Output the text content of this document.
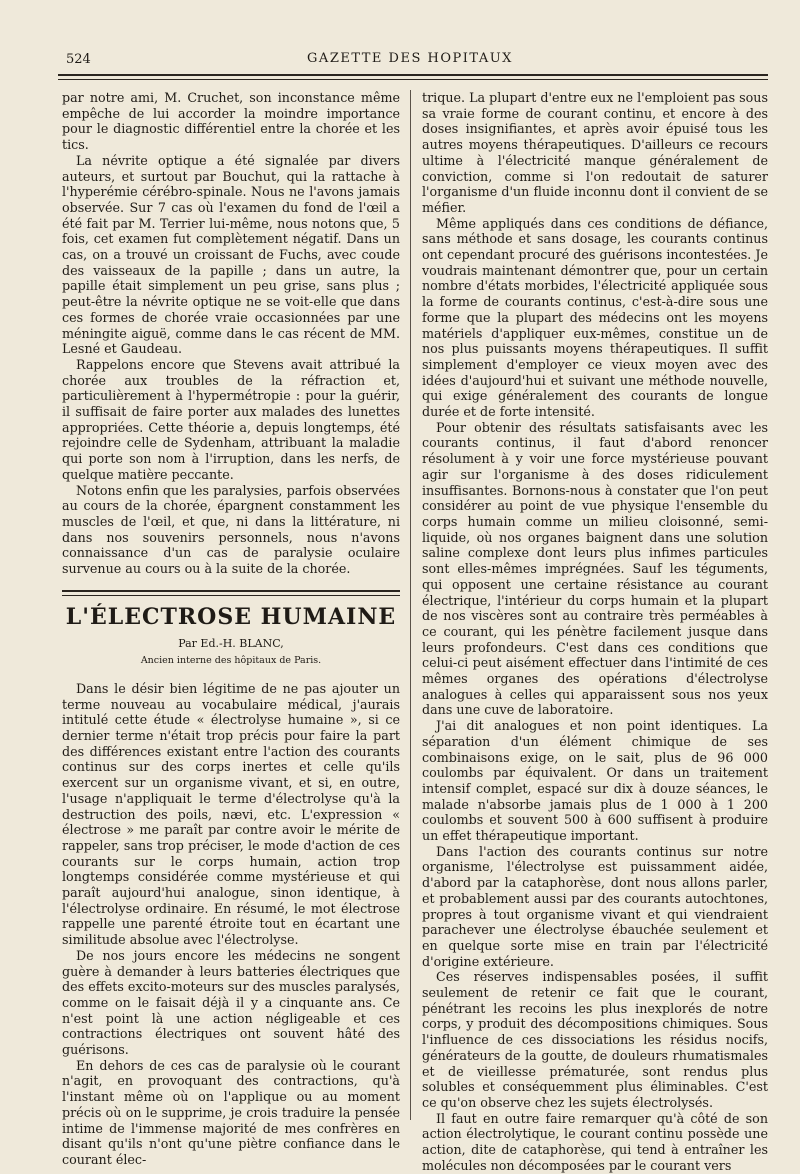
524	GAZETTE DES HOPITAUX

par notre ami, M. Cruchet, son inconstance même empêche de lui accorder la moindre importance pour le diagnostic différentiel entre la chorée et les tics.

La névrite optique a été signalée par divers auteurs, et surtout par Bouchut, qui la rattache à l'hyperémie cérébro-spinale. Nous ne l'avons jamais observée. Sur 7 cas où l'examen du fond de l'œil a été fait par M. Terrier lui-même, nous notons que, 5 fois, cet examen fut complètement négatif. Dans un cas, on a trouvé un croissant de Fuchs, avec coude des vaisseaux de la papille ; dans un autre, la papille était simplement un peu grise, sans plus ; peut-être la névrite optique ne se voit-elle que dans ces formes de chorée vraie occasionnées par une méningite aiguë, comme dans le cas récent de MM. Lesné et Gaudeau.

Rappelons encore que Stevens avait attribué la chorée aux troubles de la réfraction et, particulièrement à l'hypermétropie : pour la guérir, il suffisait de faire porter aux malades des lunettes appropriées. Cette théorie a, depuis longtemps, été rejoindre celle de Sydenham, attribuant la maladie qui porte son nom à l'irruption, dans les nerfs, de quelque matière peccante.

Notons enfin que les paralysies, parfois observées au cours de la chorée, épargnent constamment les muscles de l'œil, et que, ni dans la littérature, ni dans nos souvenirs personnels, nous n'avons connaissance d'un cas de paralysie oculaire survenue au cours ou à la suite de la chorée.

L'ÉLECTROSE HUMAINE
Par Ed.-H. BLANC,
Ancien interne des hôpitaux de Paris.

Dans le désir bien légitime de ne pas ajouter un terme nouveau au vocabulaire médical, j'aurais intitulé cette étude « électrolyse humaine », si ce dernier terme n'était trop précis pour faire la part des différences existant entre l'action des courants continus sur des corps inertes et celle qu'ils exercent sur un organisme vivant, et si, en outre, l'usage n'appliquait le terme d'électrolyse qu'à la destruction des poils, nævi, etc. L'expression « électrose » me paraît par contre avoir le mérite de rappeler, sans trop préciser, le mode d'action de ces courants sur le corps humain, action trop longtemps considérée comme mystérieuse et qui paraît aujourd'hui analogue, sinon identique, à l'électrolyse ordinaire. En résumé, le mot électrose rappelle une parenté étroite tout en écartant une similitude absolue avec l'électrolyse.

De nos jours encore les médecins ne songent guère à demander à leurs batteries électriques que des effets excito-moteurs sur des muscles paralysés, comme on le faisait déjà il y a cinquante ans. Ce n'est point là une action négligeable et ces contractions électriques ont souvent hâté des guérisons.

En dehors de ces cas de paralysie où le courant n'agit, en provoquant des contractions, qu'à l'instant même où on l'applique ou au moment précis où on le supprime, je crois traduire la pensée intime de l'immense majorité de mes confrères en disant qu'ils n'ont qu'une piètre confiance dans le courant élec-

trique. La plupart d'entre eux ne l'emploient pas sous sa vraie forme de courant continu, et encore à des doses insignifiantes, et après avoir épuisé tous les autres moyens thérapeutiques. D'ailleurs ce recours ultime à l'électricité manque généralement de conviction, comme si l'on redoutait de saturer l'organisme d'un fluide inconnu dont il convient de se méfier.

Même appliqués dans ces conditions de défiance, sans méthode et sans dosage, les courants continus ont cependant procuré des guérisons incontestées. Je voudrais maintenant démontrer que, pour un certain nombre d'états morbides, l'électricité appliquée sous la forme de courants continus, c'est-à-dire sous une forme que la plupart des médecins ont les moyens matériels d'appliquer eux-mêmes, constitue un de nos plus puissants moyens thérapeutiques. Il suffit simplement d'employer ce vieux moyen avec des idées d'aujourd'hui et suivant une méthode nouvelle, qui exige généralement des courants de longue durée et de forte intensité.

Pour obtenir des résultats satisfaisants avec les courants continus, il faut d'abord renoncer résolument à y voir une force mystérieuse pouvant agir sur l'organisme à des doses ridiculement insuffisantes. Bornons-nous à constater que l'on peut considérer au point de vue physique l'ensemble du corps humain comme un milieu cloisonné, semi-liquide, où nos organes baignent dans une solution saline complexe dont leurs plus infimes particules sont elles-mêmes imprégnées. Sauf les téguments, qui opposent une certaine résistance au courant électrique, l'intérieur du corps humain et la plupart de nos viscères sont au contraire très perméables à ce courant, qui les pénètre facilement jusque dans leurs profondeurs. C'est dans ces conditions que celui-ci peut aisément effectuer dans l'intimité de ces mêmes organes des opérations d'électrolyse analogues à celles qui apparaissent sous nos yeux dans une cuve de laboratoire.

J'ai dit analogues et non point identiques. La séparation d'un élément chimique de ses combinaisons exige, on le sait, plus de 96 000 coulombs par équivalent. Or dans un traitement intensif complet, espacé sur dix à douze séances, le malade n'absorbe jamais plus de 1 000 à 1 200 coulombs et souvent 500 à 600 suffisent à produire un effet thérapeutique important.

Dans l'action des courants continus sur notre organisme, l'électrolyse est puissamment aidée, d'abord par la cataphorèse, dont nous allons parler, et probablement aussi par des courants autochtones, propres à tout organisme vivant et qui viendraient parachever une électrolyse ébauchée seulement et en quelque sorte mise en train par l'électricité d'origine extérieure.

Ces réserves indispensables posées, il suffit seulement de retenir ce fait que le courant, pénétrant les recoins les plus inexplorés de notre corps, y produit des décompositions chimiques. Sous l'influence de ces dissociations les résidus nocifs, générateurs de la goutte, de douleurs rhumatismales et de vieillesse prématurée, sont rendus plus solubles et conséquemment plus éliminables. C'est ce qu'on observe chez les sujets électrolysés.

Il faut en outre faire remarquer qu'à côté de son action électrolytique, le courant continu possède une action, dite de cataphorèse, qui tend à entraîner les molécules non décomposées par le courant vers
